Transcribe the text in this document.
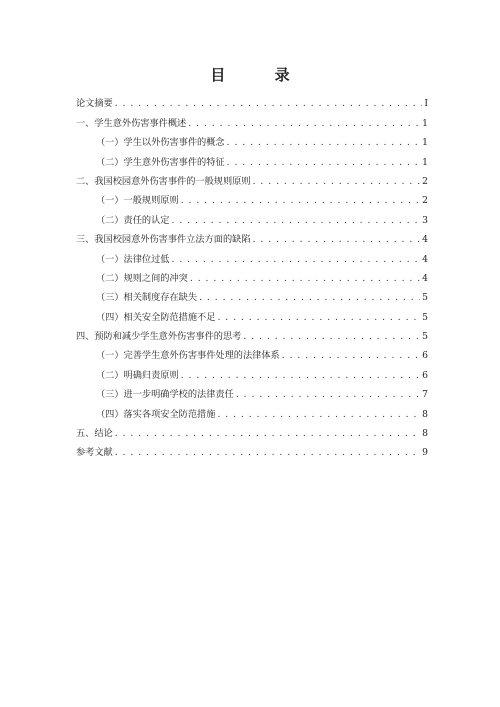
目 录
论文摘要 . . .	I
一、学生意外伤害事件概述 . . .	1
（一）学生以外伤害事件的概念 . . .	1
（二）学生意外伤害事件的特征 . . .	1
二、我国校园意外伤害事件的一般规则原则 . . .	2
（一）一般规则原则 . . .	2
（二）责任的认定 . . .	3
三、我国校园意外伤害事件立法方面的缺陷 . . .	4
（一）法律位过低 . . .	4
（二）规则之间的冲突 . . .	4
（三）相关制度存在缺失 . . .	5
（四）相关安全防范措施不足 . . .	5
四、预防和减少学生意外伤害事件的思考 . . .	5
（一）完善学生意外伤害事件处理的法律体系 . . .	6
（二）明确归责原则 . . .	6
（三）进一步明确学校的法律责任 . . .	7
（四）落实各项安全防范措施 . . .	8
五、结论 . . .	8
参考文献 . . .	9
